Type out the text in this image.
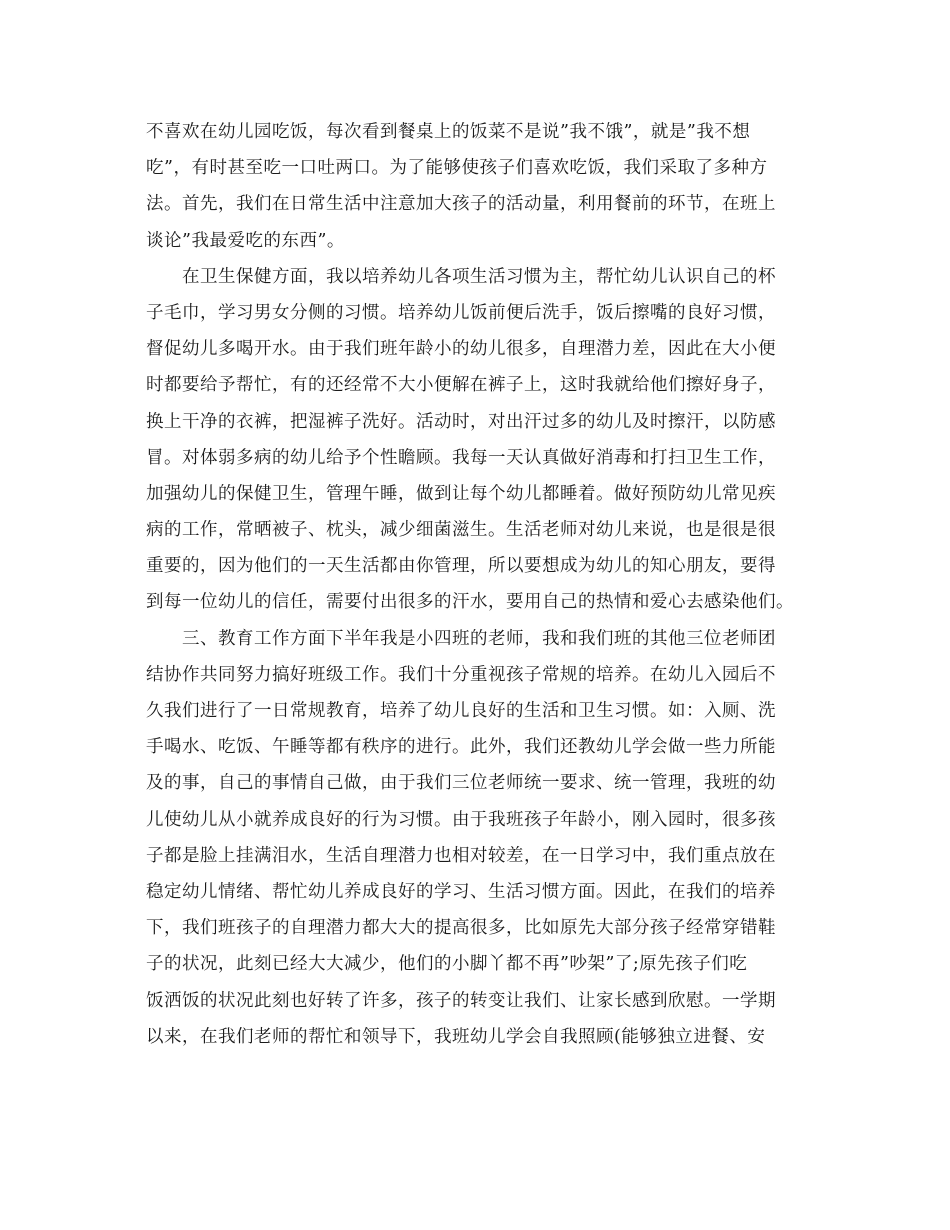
不喜欢在幼儿园吃饭，每次看到餐桌上的饭菜不是说”我不饿”，就是”我不想
吃”，有时甚至吃一口吐两口。为了能够使孩子们喜欢吃饭，我们采取了多种方
法。首先，我们在日常生活中注意加大孩子的活动量，利用餐前的环节，在班上
谈论”我最爱吃的东西”。
在卫生保健方面，我以培养幼儿各项生活习惯为主，帮忙幼儿认识自己的杯
子毛巾，学习男女分侧的习惯。培养幼儿饭前便后洗手，饭后擦嘴的良好习惯，
督促幼儿多喝开水。由于我们班年龄小的幼儿很多，自理潜力差，因此在大小便
时都要给予帮忙，有的还经常不大小便解在裤子上，这时我就给他们擦好身子，
换上干净的衣裤，把湿裤子洗好。活动时，对出汗过多的幼儿及时擦汗，以防感
冒。对体弱多病的幼儿给予个性瞻顾。我每一天认真做好消毒和打扫卫生工作，
加强幼儿的保健卫生，管理午睡，做到让每个幼儿都睡着。做好预防幼儿常见疾
病的工作，常晒被子、枕头，减少细菌滋生。生活老师对幼儿来说，也是很是很
重要的，因为他们的一天生活都由你管理，所以要想成为幼儿的知心朋友，要得
到每一位幼儿的信任，需要付出很多的汗水，要用自己的热情和爱心去感染他们。
三、教育工作方面下半年我是小四班的老师，我和我们班的其他三位老师团
结协作共同努力搞好班级工作。我们十分重视孩子常规的培养。在幼儿入园后不
久我们进行了一日常规教育，培养了幼儿良好的生活和卫生习惯。如：入厕、洗
手喝水、吃饭、午睡等都有秩序的进行。此外，我们还教幼儿学会做一些力所能
及的事，自己的事情自己做，由于我们三位老师统一要求、统一管理，我班的幼
儿使幼儿从小就养成良好的行为习惯。由于我班孩子年龄小，刚入园时，很多孩
子都是脸上挂满泪水，生活自理潜力也相对较差，在一日学习中，我们重点放在
稳定幼儿情绪、帮忙幼儿养成良好的学习、生活习惯方面。因此，在我们的培养
下，我们班孩子的自理潜力都大大的提高很多，比如原先大部分孩子经常穿错鞋
子的状况，此刻已经大大减少，他们的小脚丫都不再”吵架”了;原先孩子们吃
饭洒饭的状况此刻也好转了许多，孩子的转变让我们、让家长感到欣慰。一学期
以来，在我们老师的帮忙和领导下，我班幼儿学会自我照顾(能够独立进餐、安
